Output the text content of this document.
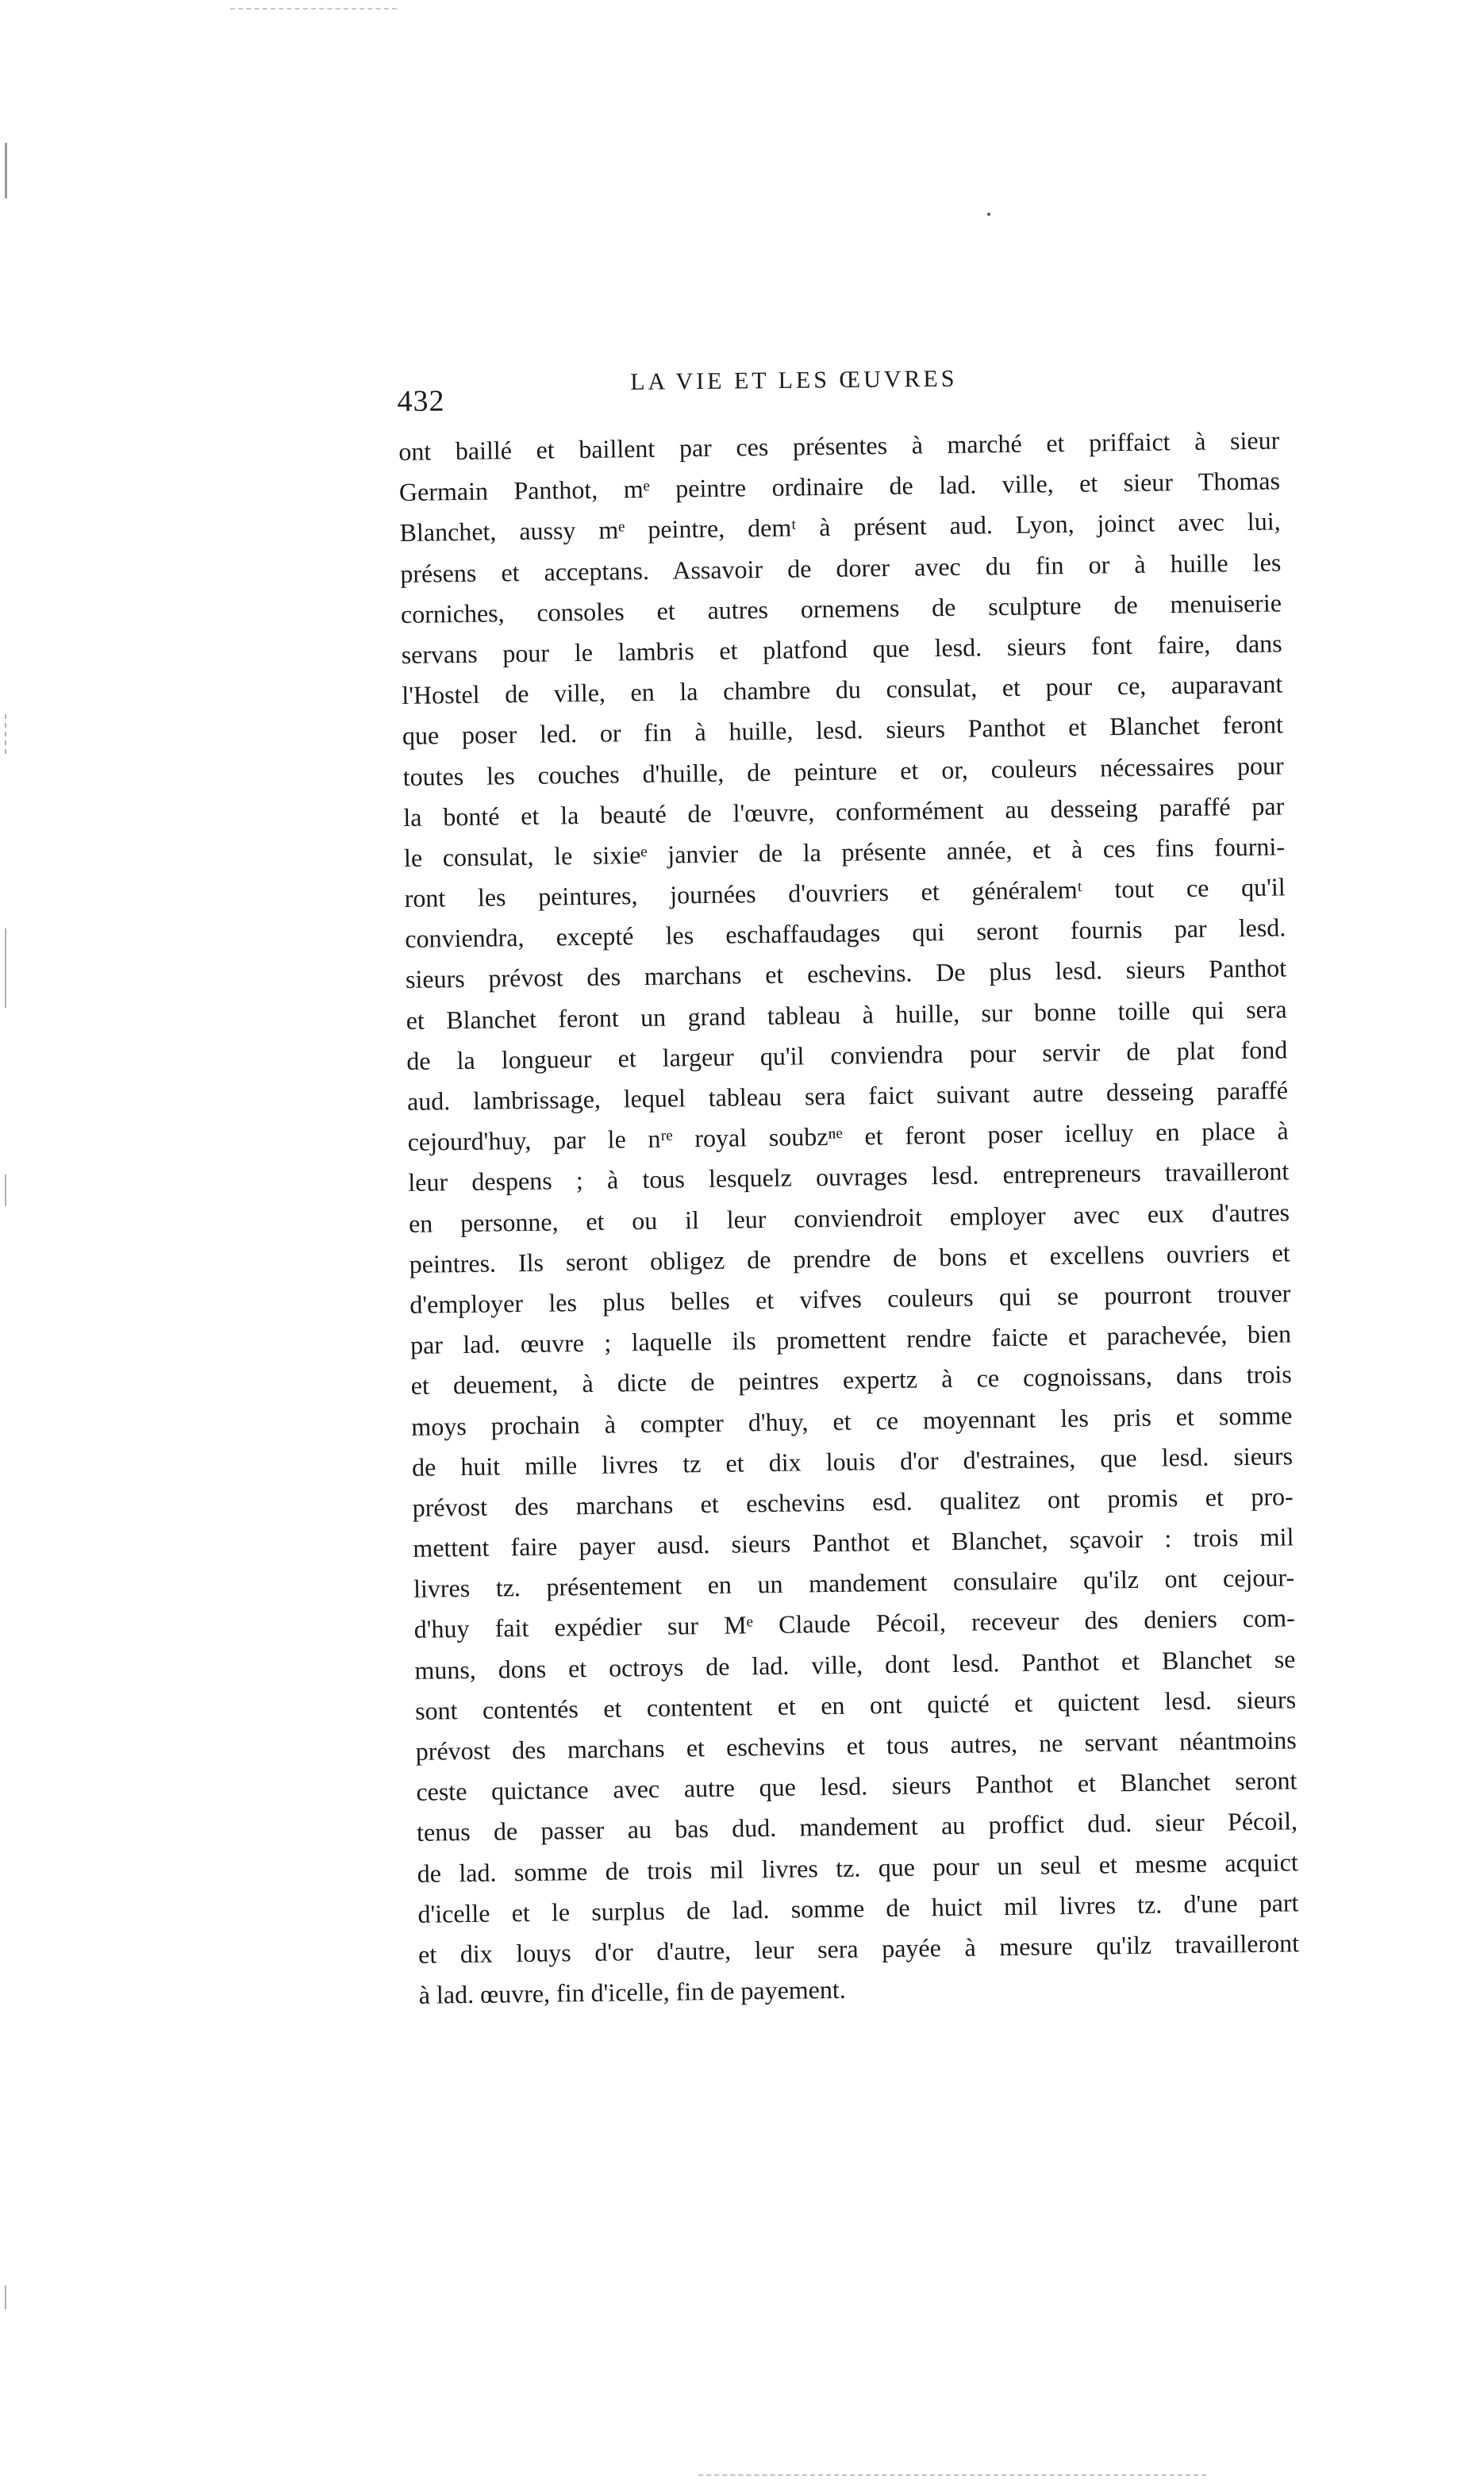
432
LA VIE ET LES ŒUVRES
ont baillé et baillent par ces présentes à marché et priffaict à sieur
Germain Panthot, mᵉ peintre ordinaire de lad. ville, et sieur Thomas
Blanchet, aussy mᵉ peintre, demᵗ à présent aud. Lyon, joinct avec lui,
présens et acceptans. Assavoir de dorer avec du fin or à huille les
corniches, consoles et autres ornemens de sculpture de menuiserie
servans pour le lambris et platfond que lesd. sieurs font faire, dans
l'Hostel de ville, en la chambre du consulat, et pour ce, auparavant
que poser led. or fin à huille, lesd. sieurs Panthot et Blanchet feront
toutes les couches d'huille, de peinture et or, couleurs nécessaires pour
la bonté et la beauté de l'œuvre, conformément au desseing paraffé par
le consulat, le sixieᵉ janvier de la présente année, et à ces fins fourni-
ront les peintures, journées d'ouvriers et généralemᵗ tout ce qu'il
conviendra, excepté les eschaffaudages qui seront fournis par lesd.
sieurs prévost des marchans et eschevins. De plus lesd. sieurs Panthot
et Blanchet feront un grand tableau à huille, sur bonne toille qui sera
de la longueur et largeur qu'il conviendra pour servir de plat fond
aud. lambrissage, lequel tableau sera faict suivant autre desseing paraffé
cejourd'huy, par le nʳᵉ royal soubzⁿᵉ et feront poser icelluy en place à
leur despens ; à tous lesquelz ouvrages lesd. entrepreneurs travailleront
en personne, et ou il leur conviendroit employer avec eux d'autres
peintres. Ils seront obligez de prendre de bons et excellens ouvriers et
d'employer les plus belles et vifves couleurs qui se pourront trouver
par lad. œuvre ; laquelle ils promettent rendre faicte et parachevée, bien
et deuement, à dicte de peintres expertz à ce cognoissans, dans trois
moys prochain à compter d'huy, et ce moyennant les pris et somme
de huit mille livres tz et dix louis d'or d'estraines, que lesd. sieurs
prévost des marchans et eschevins esd. qualitez ont promis et pro-
mettent faire payer ausd. sieurs Panthot et Blanchet, sçavoir : trois mil
livres tz. présentement en un mandement consulaire qu'ilz ont cejour-
d'huy fait expédier sur Mᵉ Claude Pécoil, receveur des deniers com-
muns, dons et octroys de lad. ville, dont lesd. Panthot et Blanchet se
sont contentés et contentent et en ont quicté et quictent lesd. sieurs
prévost des marchans et eschevins et tous autres, ne servant néantmoins
ceste quictance avec autre que lesd. sieurs Panthot et Blanchet seront
tenus de passer au bas dud. mandement au proffict dud. sieur Pécoil,
de lad. somme de trois mil livres tz. que pour un seul et mesme acquict
d'icelle et le surplus de lad. somme de huict mil livres tz. d'une part
et dix louys d'or d'autre, leur sera payée à mesure qu'ilz travailleront
à lad. œuvre, fin d'icelle, fin de payement.
